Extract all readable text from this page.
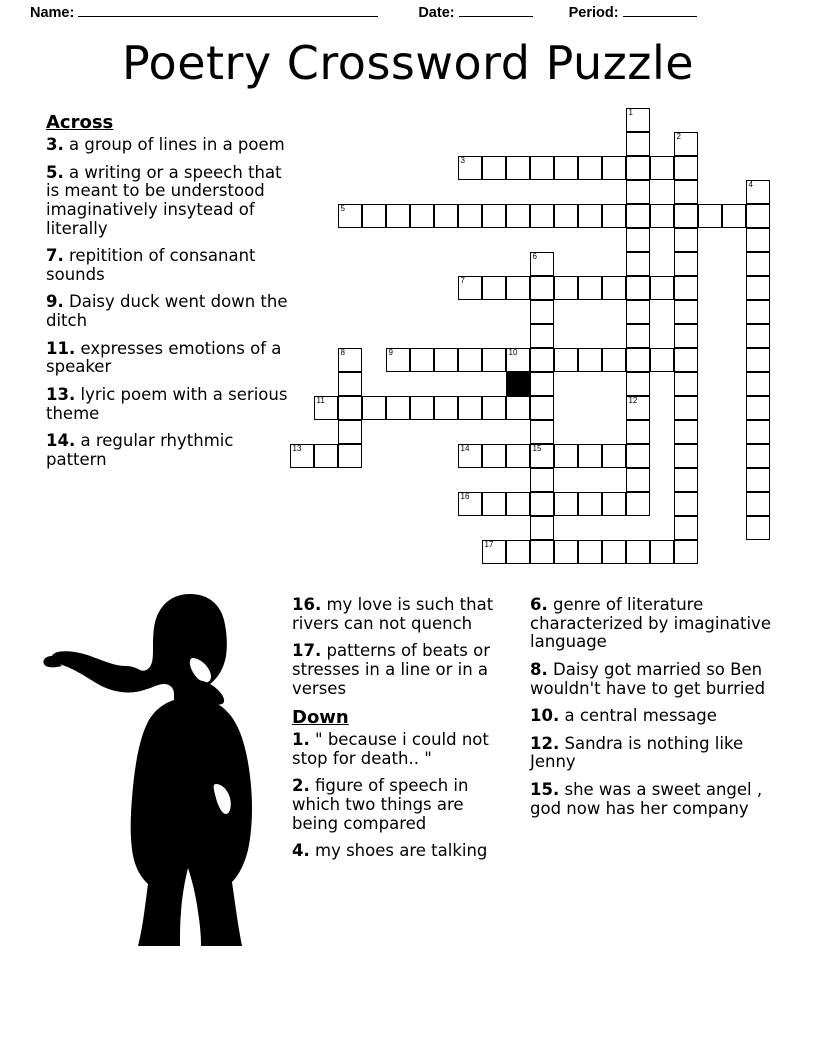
Name:	Date:	Period:
Poetry Crossword Puzzle
Across
3. a group of lines in a poem
5. a writing or a speech that is meant to be understood imaginatively insytead of literally
7. repitition of consanant sounds
9. Daisy duck went down the ditch
11. expresses emotions of a speaker
13. lyric poem with a serious theme
14. a regular rhythmic pattern
1
2
3
4
5
6
7
8	9	10
11	12
13	14	15
16
17
16. my love is such that rivers can not quench
17. patterns of beats or stresses in a line or in a verses
Down
1. " because i could not stop for death.. "
2. figure of speech in which two things are being compared
4. my shoes are talking
6. genre of literature characterized by imaginative language
8. Daisy got married so Ben wouldn't have to get burried
10. a central message
12. Sandra is nothing like Jenny
15. she was a sweet angel , god now has her company
